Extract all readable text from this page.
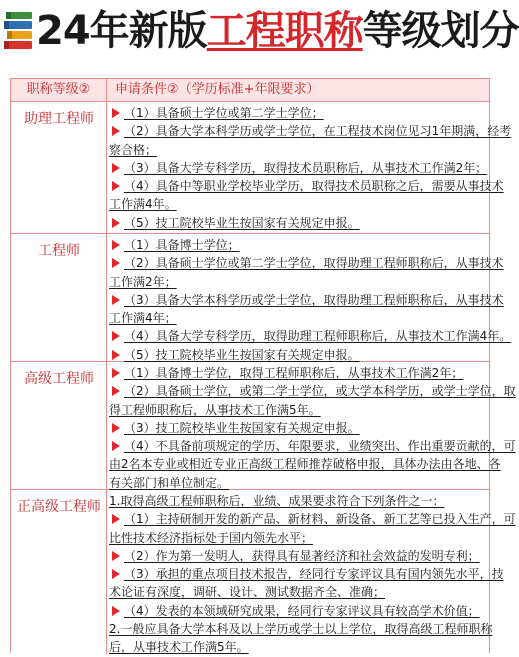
24年新版工程职称等级划分
职称等级②	申请条件②（学历标准+年限要求）
助理工程师	（1）具备硕士学位或第二学士学位；
（2）具备大学本科学历或学士学位，在工程技术岗位见习1年期满，经考
察合格；
（3）具备大学专科学历，取得技术员职称后，从事技术工作满2年；
（4）具备中等职业学校毕业学历，取得技术员职称之后，需要从事技术
工作满4年。
（5）技工院校毕业生按国家有关规定申报。
工程师	（1）具备博士学位；
（2）具备硕士学位或第二学士学位，取得助理工程师职称后，从事技术
工作满2年；
（3）具备大学本科学历或学士学位，取得助理工程师职称后，从事技术
工作满4年；
（4）具备大学专科学历，取得助理工程师职称后，从事技术工作满4年。
（5）技工院校毕业生按国家有关规定申报。
高级工程师	（1）具备博士学位，取得工程师职称后，从事技术工作满2年；
（2）具备硕士学位，或第二学士学位，或大学本科学历，或学士学位，取
得工程师职称后，从事技术工作满5年。
（3）技工院校毕业生按国家有关规定申报。
（4）不具备前项规定的学历、年限要求，业绩突出、作出重要贡献的，可
由2名本专业或相近专业正高级工程师推荐破格申报，具体办法由各地、各
有关部门和单位制定。
正高级工程师 1.取得高级工程师职称后，业绩、成果要求符合下列条件之一：
（1）主持研制开发的新产品、新材料、新设备、新工艺等已投入生产，可
比性技术经济指标处于国内领先水平；
（2）作为第一发明人，获得具有显著经济和社会效益的发明专利；
（3）承担的重点项目技术报告，经同行专家评议具有国内领先水平，技
术论证有深度，调研、设计、测试数据齐全、准确；
（4）发表的本领域研究成果，经同行专家评议具有较高学术价值；
2.一般应具备大学本科及以上学历或学士以上学位，取得高级工程师职称
后，从事技术工作满5年。
